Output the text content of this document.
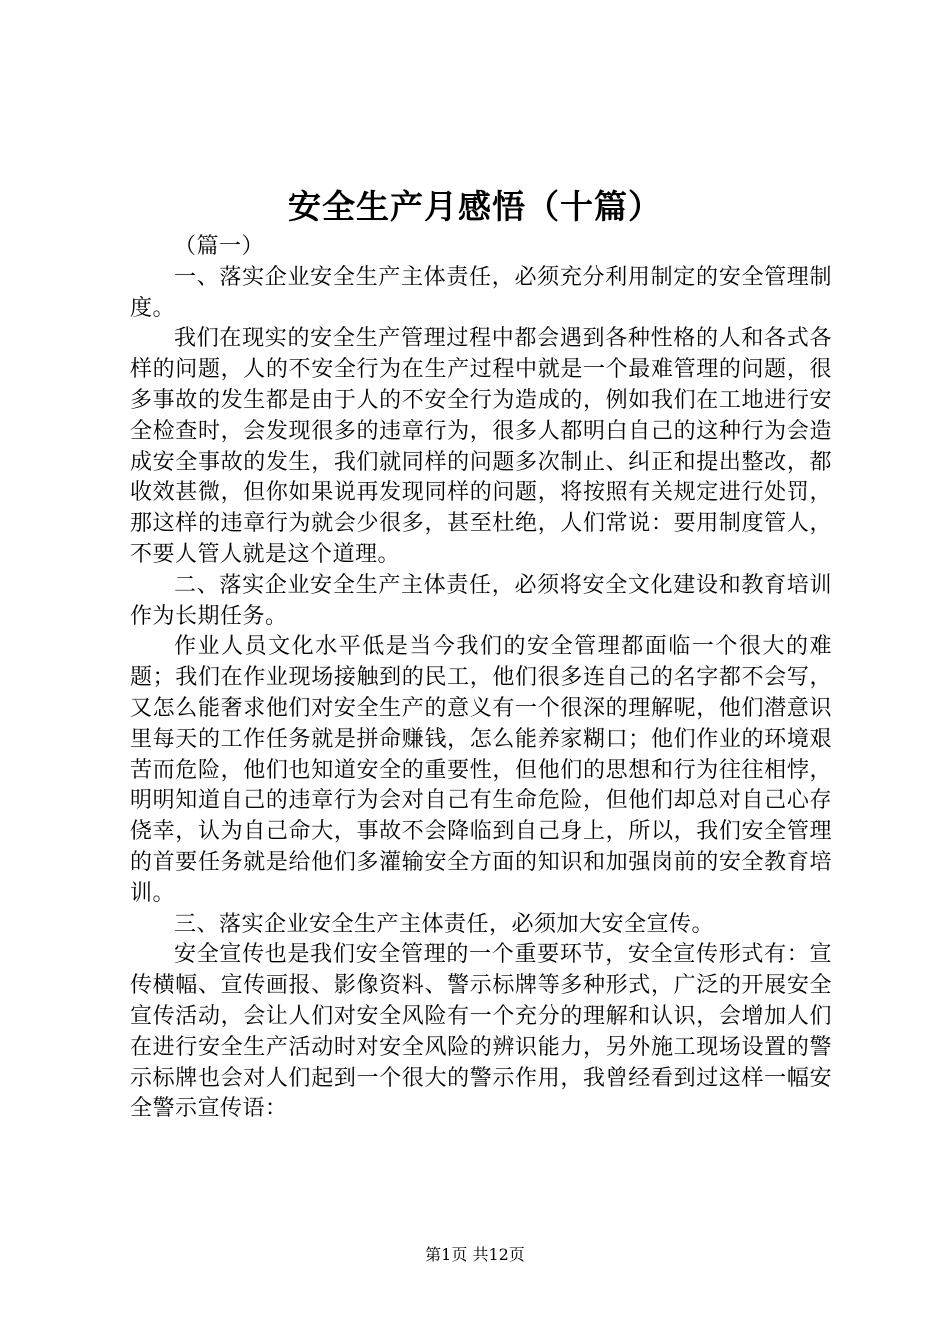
安全生产月感悟（十篇）

（篇一）

一、落实企业安全生产主体责任，必须充分利用制定的安全管理制度。

我们在现实的安全生产管理过程中都会遇到各种性格的人和各式各样的问题，人的不安全行为在生产过程中就是一个最难管理的问题，很多事故的发生都是由于人的不安全行为造成的，例如我们在工地进行安全检查时，会发现很多的违章行为，很多人都明白自己的这种行为会造成安全事故的发生，我们就同样的问题多次制止、纠正和提出整改，都收效甚微，但你如果说再发现同样的问题，将按照有关规定进行处罚，那这样的违章行为就会少很多，甚至杜绝，人们常说：要用制度管人，不要人管人就是这个道理。

二、落实企业安全生产主体责任，必须将安全文化建设和教育培训作为长期任务。

作业人员文化水平低是当今我们的安全管理都面临一个很大的难题；我们在作业现场接触到的民工，他们很多连自己的名字都不会写，又怎么能奢求他们对安全生产的意义有一个很深的理解呢，他们潜意识里每天的工作任务就是拼命赚钱，怎么能养家糊口；他们作业的环境艰苦而危险，他们也知道安全的重要性，但他们的思想和行为往往相悖，明明知道自己的违章行为会对自己有生命危险，但他们却总对自己心存侥幸，认为自己命大，事故不会降临到自己身上，所以，我们安全管理的首要任务就是给他们多灌输安全方面的知识和加强岗前的安全教育培训。

三、落实企业安全生产主体责任，必须加大安全宣传。

安全宣传也是我们安全管理的一个重要环节，安全宣传形式有：宣传横幅、宣传画报、影像资料、警示标牌等多种形式，广泛的开展安全宣传活动，会让人们对安全风险有一个充分的理解和认识，会增加人们在进行安全生产活动时对安全风险的辨识能力，另外施工现场设置的警示标牌也会对人们起到一个很大的警示作用，我曾经看到过这样一幅安全警示宣传语：

第1页 共12页
